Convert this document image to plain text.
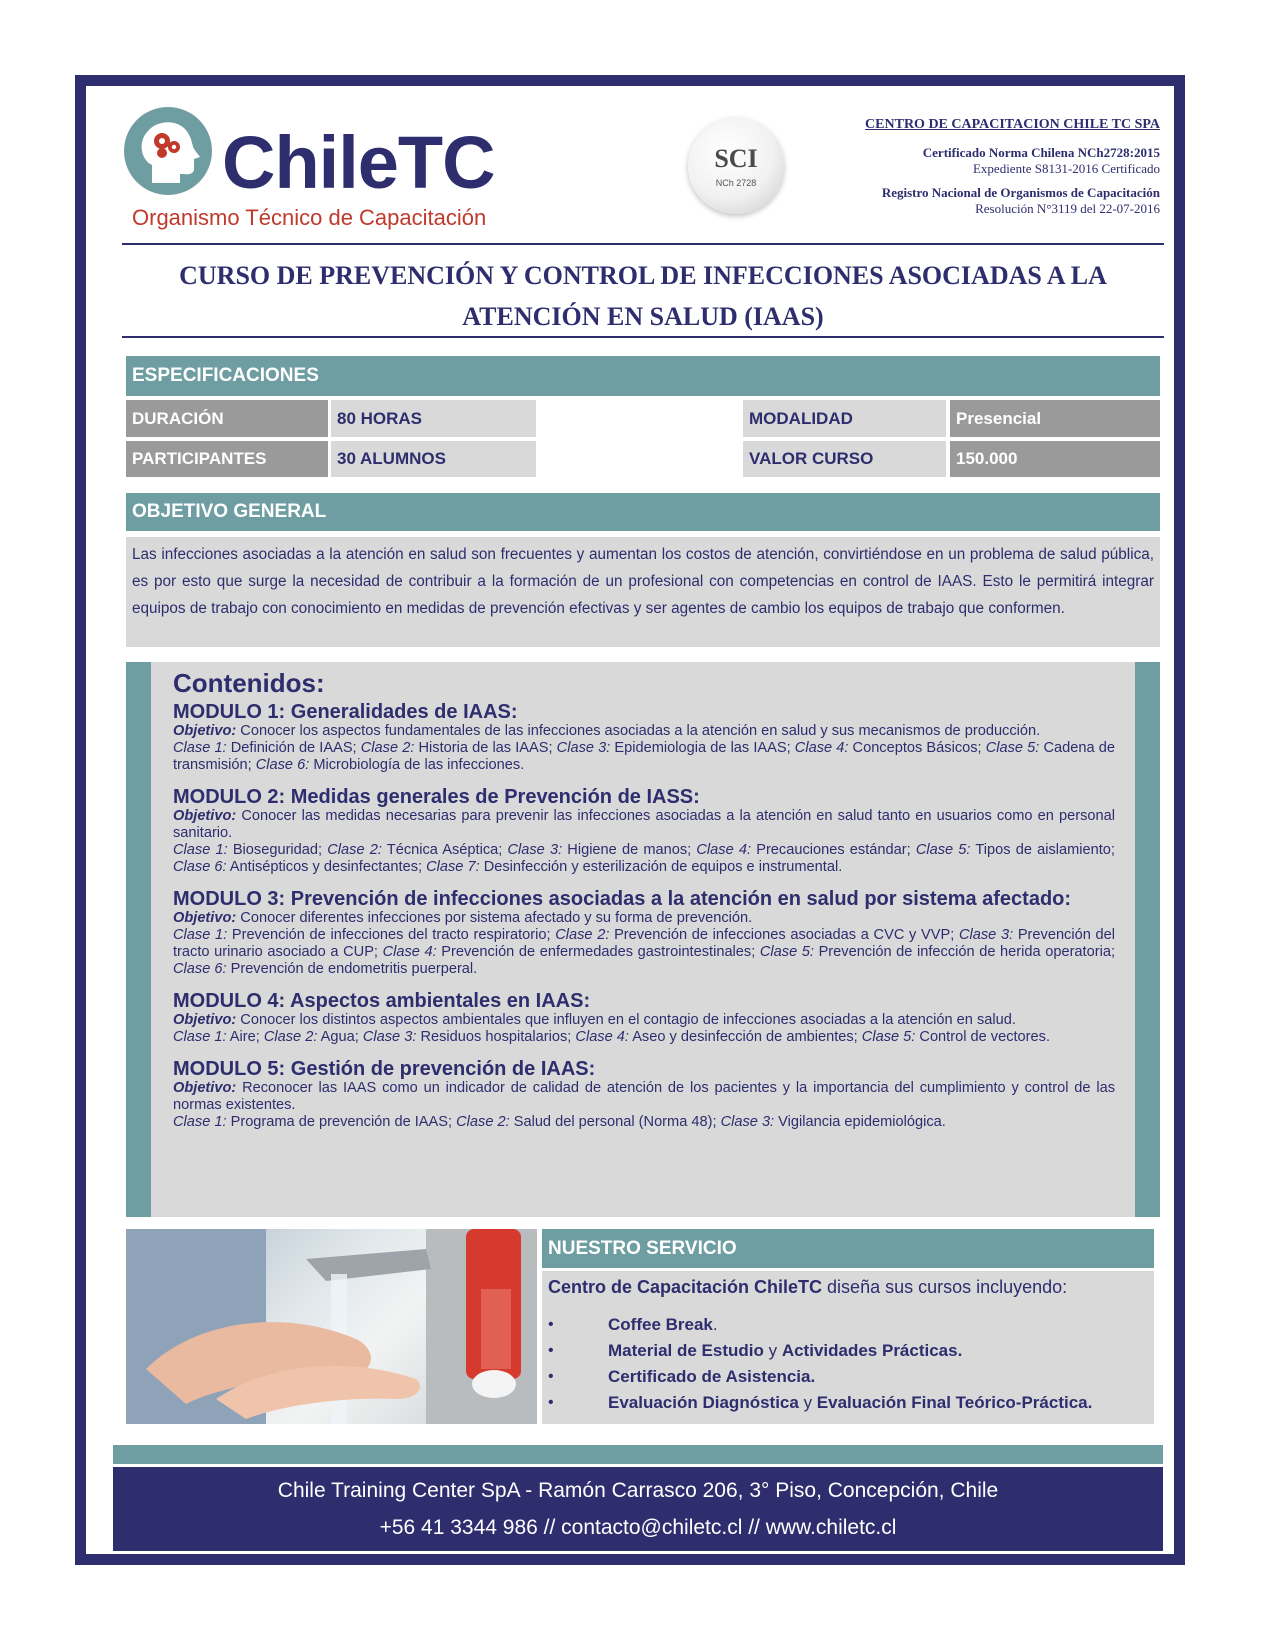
ChileTC
Organismo Técnico de Capacitación
SCI
NCh 2728
CENTRO DE CAPACITACION CHILE TC SPA
Certificado Norma Chilena NCh2728:2015
Expediente S8131-2016 Certificado
Registro Nacional de Organismos de Capacitación
Resolución N°3119 del 22-07-2016
CURSO DE PREVENCIÓN Y CONTROL DE INFECCIONES ASOCIADAS A LA
ATENCIÓN EN SALUD (IAAS)
ESPECIFICACIONES
DURACIÓN	80 HORAS	MODALIDAD	Presencial
PARTICIPANTES	30 ALUMNOS	VALOR CURSO	150.000
OBJETIVO GENERAL
Las infecciones asociadas a la atención en salud son frecuentes y aumentan los costos de atención, convirtiéndose en un problema de salud pública, es por esto que surge la necesidad de contribuir a la formación de un profesional con competencias en control de IAAS. Esto le permitirá integrar equipos de trabajo con conocimiento en medidas de prevención efectivas y ser agentes de cambio los equipos de trabajo que conformen.
Contenidos:
MODULO 1: Generalidades de IAAS:
Objetivo: Conocer los aspectos fundamentales de las infecciones asociadas a la atención en salud y sus mecanismos de producción.
Clase 1: Definición de IAAS; Clase 2: Historia de las IAAS; Clase 3: Epidemiologia de las IAAS; Clase 4: Conceptos Básicos; Clase 5: Cadena de transmisión; Clase 6: Microbiología de las infecciones.
MODULO 2: Medidas generales de Prevención de IASS:
Objetivo: Conocer las medidas necesarias para prevenir las infecciones asociadas a la atención en salud tanto en usuarios como en personal sanitario.
Clase 1: Bioseguridad; Clase 2: Técnica Aséptica; Clase 3: Higiene de manos; Clase 4: Precauciones estándar; Clase 5: Tipos de aislamiento; Clase 6: Antisépticos y desinfectantes; Clase 7: Desinfección y esterilización de equipos e instrumental.
MODULO 3: Prevención de infecciones asociadas a la atención en salud por sistema afectado:
Objetivo: Conocer diferentes infecciones por sistema afectado y su forma de prevención.
Clase 1: Prevención de infecciones del tracto respiratorio; Clase 2: Prevención de infecciones asociadas a CVC y VVP; Clase 3: Prevención del tracto urinario asociado a CUP; Clase 4: Prevención de enfermedades gastrointestinales; Clase 5: Prevención de infección de herida operatoria; Clase 6: Prevención de endometritis puerperal.
MODULO 4: Aspectos ambientales en IAAS:
Objetivo: Conocer los distintos aspectos ambientales que influyen en el contagio de infecciones asociadas a la atención en salud.
Clase 1: Aire; Clase 2: Agua; Clase 3: Residuos hospitalarios; Clase 4: Aseo y desinfección de ambientes; Clase 5: Control de vectores.
MODULO 5: Gestión de prevención de IAAS:
Objetivo: Reconocer las IAAS como un indicador de calidad de atención de los pacientes y la importancia del cumplimiento y control de las normas existentes.
Clase 1: Programa de prevención de IAAS; Clase 2: Salud del personal (Norma 48); Clase 3: Vigilancia epidemiológica.
NUESTRO SERVICIO
Centro de Capacitación ChileTC diseña sus cursos incluyendo:
•	Coffee Break.
•	Material de Estudio y Actividades Prácticas.
•	Certificado de Asistencia.
•	Evaluación Diagnóstica y Evaluación Final Teórico-Práctica.
Chile Training Center SpA - Ramón Carrasco 206, 3° Piso, Concepción, Chile
+56 41 3344 986 // contacto@chiletc.cl // www.chiletc.cl
